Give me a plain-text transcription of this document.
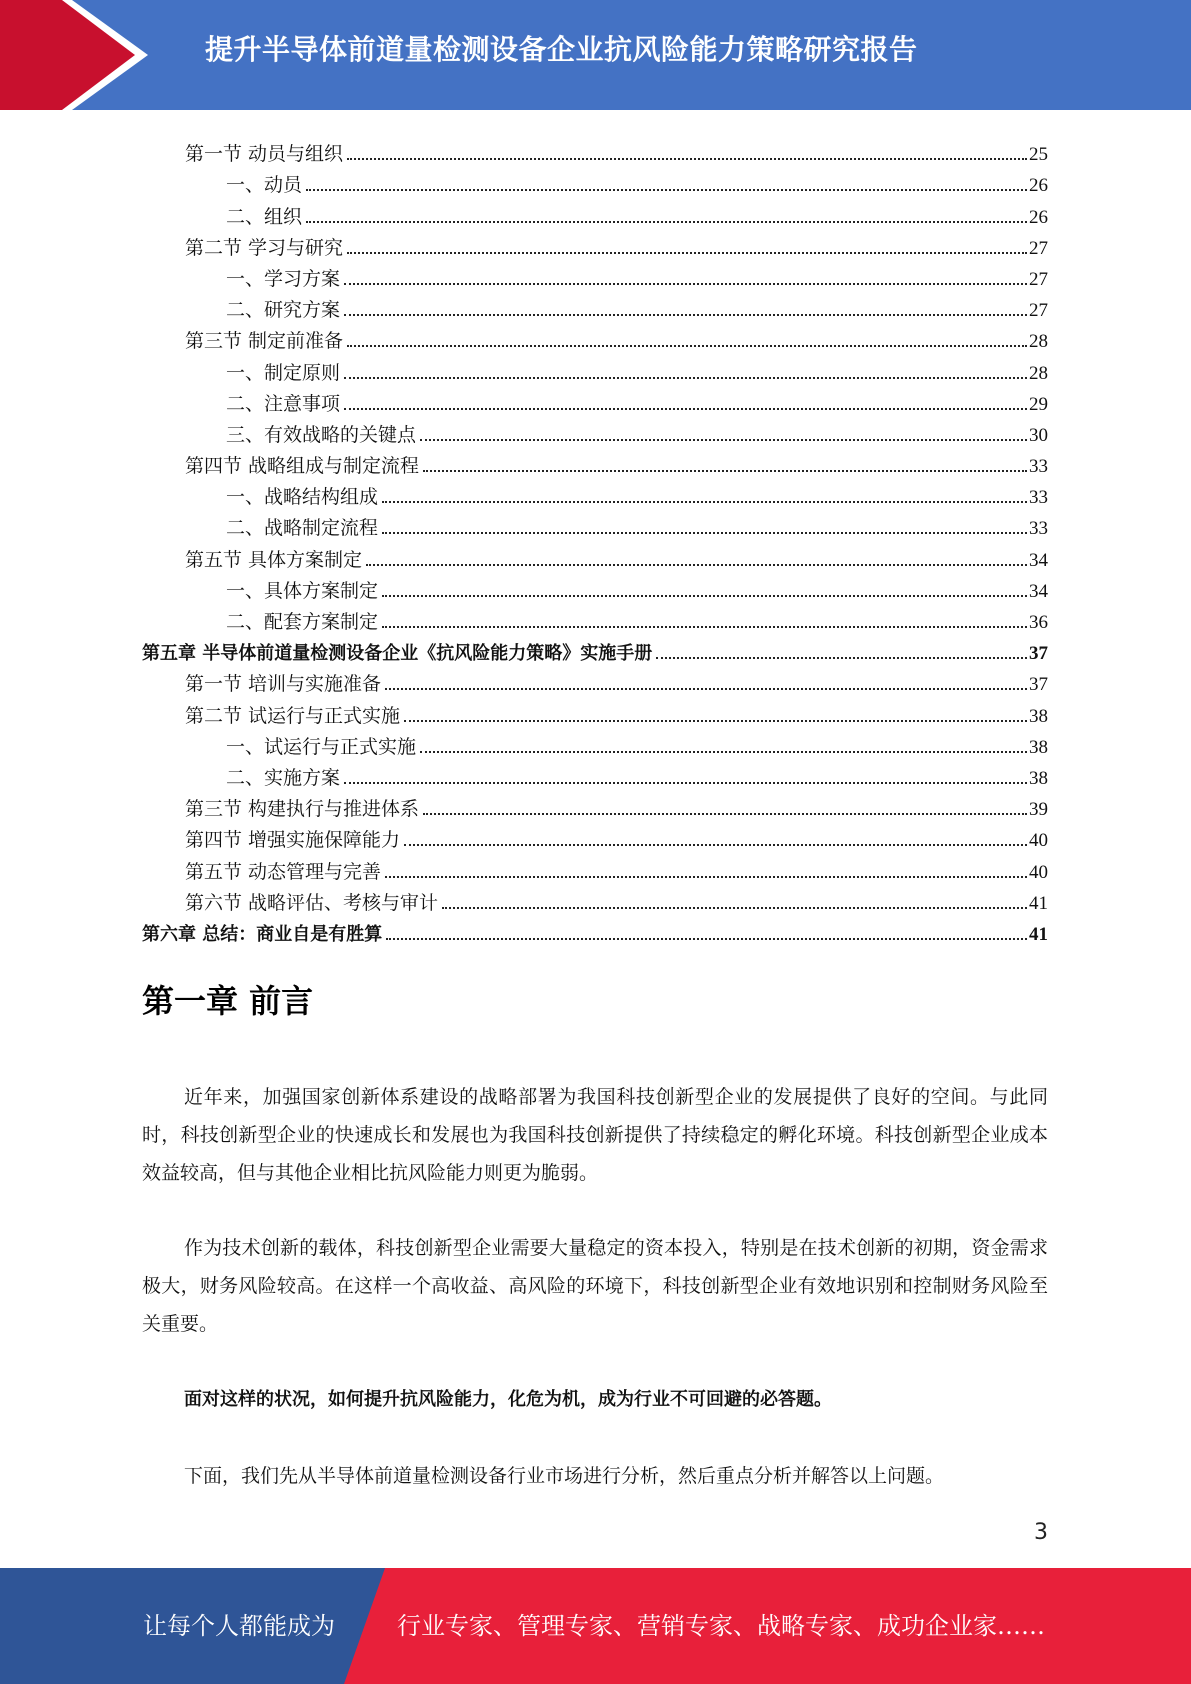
提升半导体前道量检测设备企业抗风险能力策略研究报告
第一节 动员与组织	25
一、动员	26
二、组织	26
第二节 学习与研究	27
一、学习方案	27
二、研究方案	27
第三节 制定前准备	28
一、制定原则	28
二、注意事项	29
三、有效战略的关键点	30
第四节 战略组成与制定流程	33
一、战略结构组成	33
二、战略制定流程	33
第五节 具体方案制定	34
一、具体方案制定	34
二、配套方案制定	36
第五章 半导体前道量检测设备企业《抗风险能力策略》实施手册	37
第一节 培训与实施准备	37
第二节 试运行与正式实施	38
一、试运行与正式实施	38
二、实施方案	38
第三节 构建执行与推进体系	39
第四节 增强实施保障能力	40
第五节 动态管理与完善	40
第六节 战略评估、考核与审计	41
第六章 总结：商业自是有胜算	41
第一章 前言
近年来，加强国家创新体系建设的战略部署为我国科技创新型企业的发展提供了良好的空间。与此同时，科技创新型企业的快速成长和发展也为我国科技创新提供了持续稳定的孵化环境。科技创新型企业成本效益较高，但与其他企业相比抗风险能力则更为脆弱。
作为技术创新的载体，科技创新型企业需要大量稳定的资本投入，特别是在技术创新的初期，资金需求极大，财务风险较高。在这样一个高收益、高风险的环境下，科技创新型企业有效地识别和控制财务风险至关重要。
面对这样的状况，如何提升抗风险能力，化危为机，成为行业不可回避的必答题。
下面，我们先从半导体前道量检测设备行业市场进行分析，然后重点分析并解答以上问题。
3
让每个人都能成为	行业专家、管理专家、营销专家、战略专家、成功企业家……
